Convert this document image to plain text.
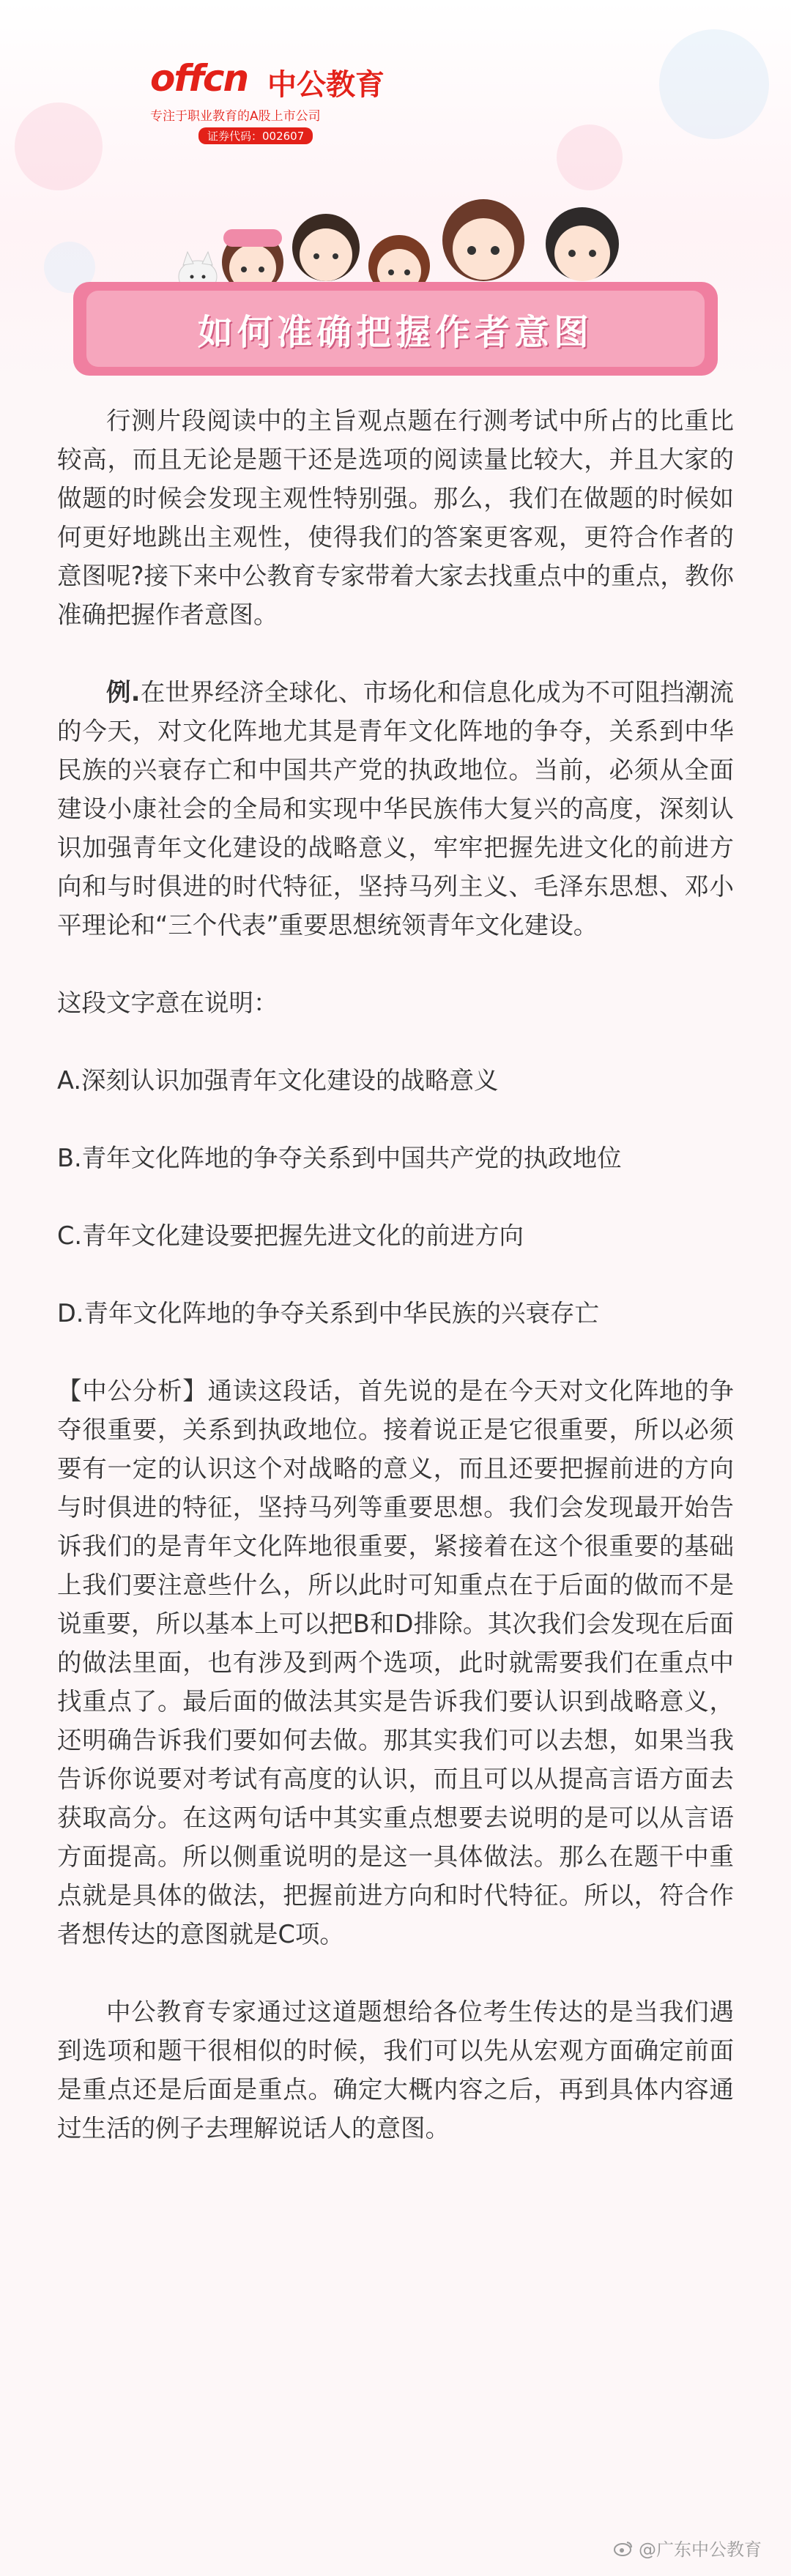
offcn 中公教育
专注于职业教育的A股上市公司
证券代码：002607
如何准确把握作者意图

行测片段阅读中的主旨观点题在行测考试中所占的比重比较高，而且无论是题干还是选项的阅读量比较大，并且大家的做题的时候会发现主观性特别强。那么，我们在做题的时候如何更好地跳出主观性，使得我们的答案更客观，更符合作者的意图呢?接下来中公教育专家带着大家去找重点中的重点，教你准确把握作者意图。

例.在世界经济全球化、市场化和信息化成为不可阻挡潮流的今天，对文化阵地尤其是青年文化阵地的争夺，关系到中华民族的兴衰存亡和中国共产党的执政地位。当前，必须从全面建设小康社会的全局和实现中华民族伟大复兴的高度，深刻认识加强青年文化建设的战略意义，牢牢把握先进文化的前进方向和与时俱进的时代特征，坚持马列主义、毛泽东思想、邓小平理论和“三个代表”重要思想统领青年文化建设。

这段文字意在说明：

A.深刻认识加强青年文化建设的战略意义

B.青年文化阵地的争夺关系到中国共产党的执政地位

C.青年文化建设要把握先进文化的前进方向

D.青年文化阵地的争夺关系到中华民族的兴衰存亡

【中公分析】通读这段话，首先说的是在今天对文化阵地的争夺很重要，关系到执政地位。接着说正是它很重要，所以必须要有一定的认识这个对战略的意义，而且还要把握前进的方向与时俱进的特征，坚持马列等重要思想。我们会发现最开始告诉我们的是青年文化阵地很重要，紧接着在这个很重要的基础上我们要注意些什么，所以此时可知重点在于后面的做而不是说重要，所以基本上可以把B和D排除。其次我们会发现在后面的做法里面，也有涉及到两个选项，此时就需要我们在重点中找重点了。最后面的做法其实是告诉我们要认识到战略意义，还明确告诉我们要如何去做。那其实我们可以去想，如果当我告诉你说要对考试有高度的认识，而且可以从提高言语方面去获取高分。在这两句话中其实重点想要去说明的是可以从言语方面提高。所以侧重说明的是这一具体做法。那么在题干中重点就是具体的做法，把握前进方向和时代特征。所以，符合作者想传达的意图就是C项。

中公教育专家通过这道题想给各位考生传达的是当我们遇到选项和题干很相似的时候，我们可以先从宏观方面确定前面是重点还是后面是重点。确定大概内容之后，再到具体内容通过生活的例子去理解说话人的意图。

@广东中公教育
